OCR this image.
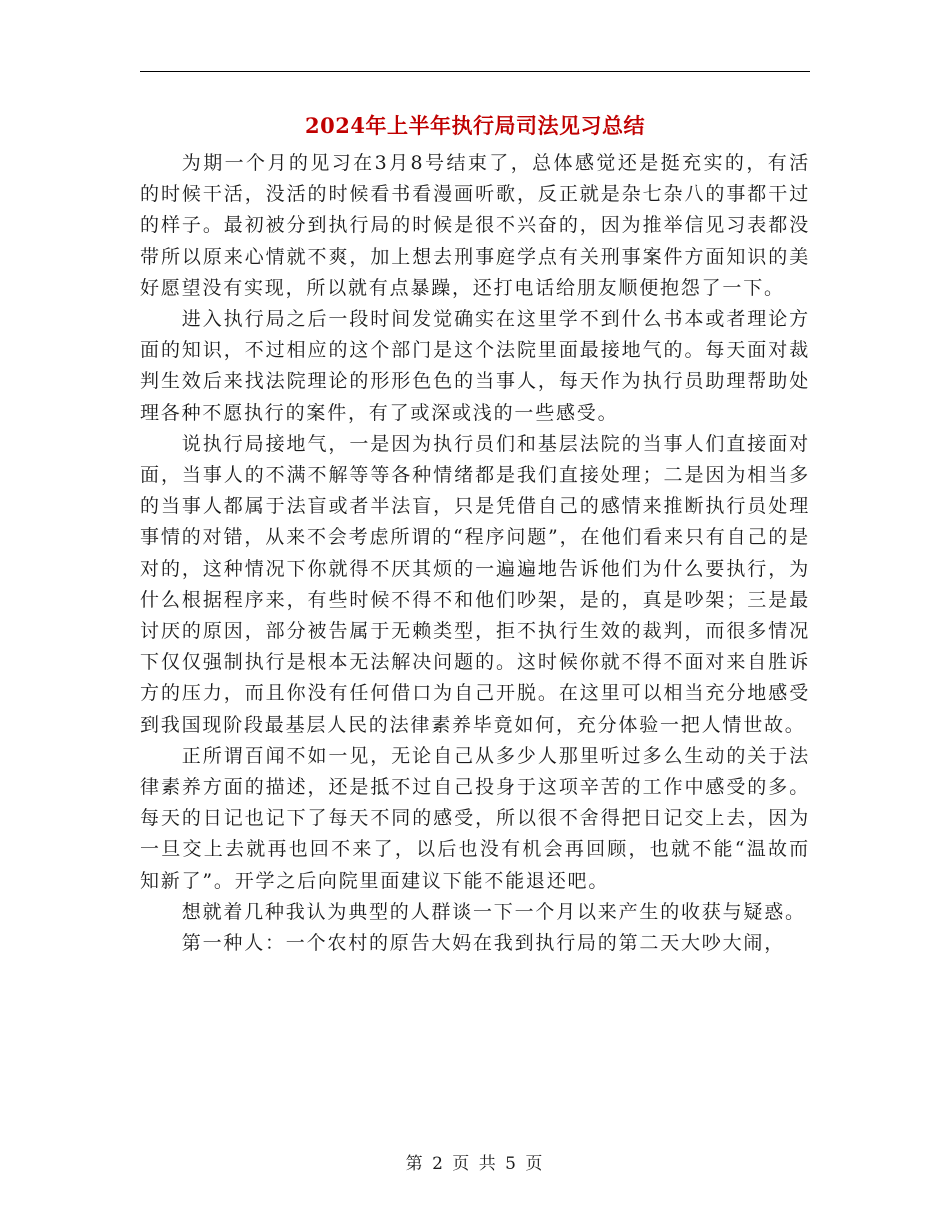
2024年上半年执行局司法见习总结

为期一个月的见习在3月8号结束了，总体感觉还是挺充实的，有活的时候干活，没活的时候看书看漫画听歌，反正就是杂七杂八的事都干过的样子。最初被分到执行局的时候是很不兴奋的，因为推举信见习表都没带所以原来心情就不爽，加上想去刑事庭学点有关刑事案件方面知识的美好愿望没有实现，所以就有点暴躁，还打电话给朋友顺便抱怨了一下。

进入执行局之后一段时间发觉确实在这里学不到什么书本或者理论方面的知识，不过相应的这个部门是这个法院里面最接地气的。每天面对裁判生效后来找法院理论的形形色色的当事人，每天作为执行员助理帮助处理各种不愿执行的案件，有了或深或浅的一些感受。

说执行局接地气，一是因为执行员们和基层法院的当事人们直接面对面，当事人的不满不解等等各种情绪都是我们直接处理；二是因为相当多的当事人都属于法盲或者半法盲，只是凭借自己的感情来推断执行员处理事情的对错，从来不会考虑所谓的“程序问题”，在他们看来只有自己的是对的，这种情况下你就得不厌其烦的一遍遍地告诉他们为什么要执行，为什么根据程序来，有些时候不得不和他们吵架，是的，真是吵架；三是最讨厌的原因，部分被告属于无赖类型，拒不执行生效的裁判，而很多情况下仅仅强制执行是根本无法解决问题的。这时候你就不得不面对来自胜诉方的压力，而且你没有任何借口为自己开脱。在这里可以相当充分地感受到我国现阶段最基层人民的法律素养毕竟如何，充分体验一把人情世故。

正所谓百闻不如一见，无论自己从多少人那里听过多么生动的关于法律素养方面的描述，还是抵不过自己投身于这项辛苦的工作中感受的多。每天的日记也记下了每天不同的感受，所以很不舍得把日记交上去，因为一旦交上去就再也回不来了，以后也没有机会再回顾，也就不能“温故而知新了”。开学之后向院里面建议下能不能退还吧。

想就着几种我认为典型的人群谈一下一个月以来产生的收获与疑惑。

第一种人：一个农村的原告大妈在我到执行局的第二天大吵大闹，

第 2 页 共 5 页
